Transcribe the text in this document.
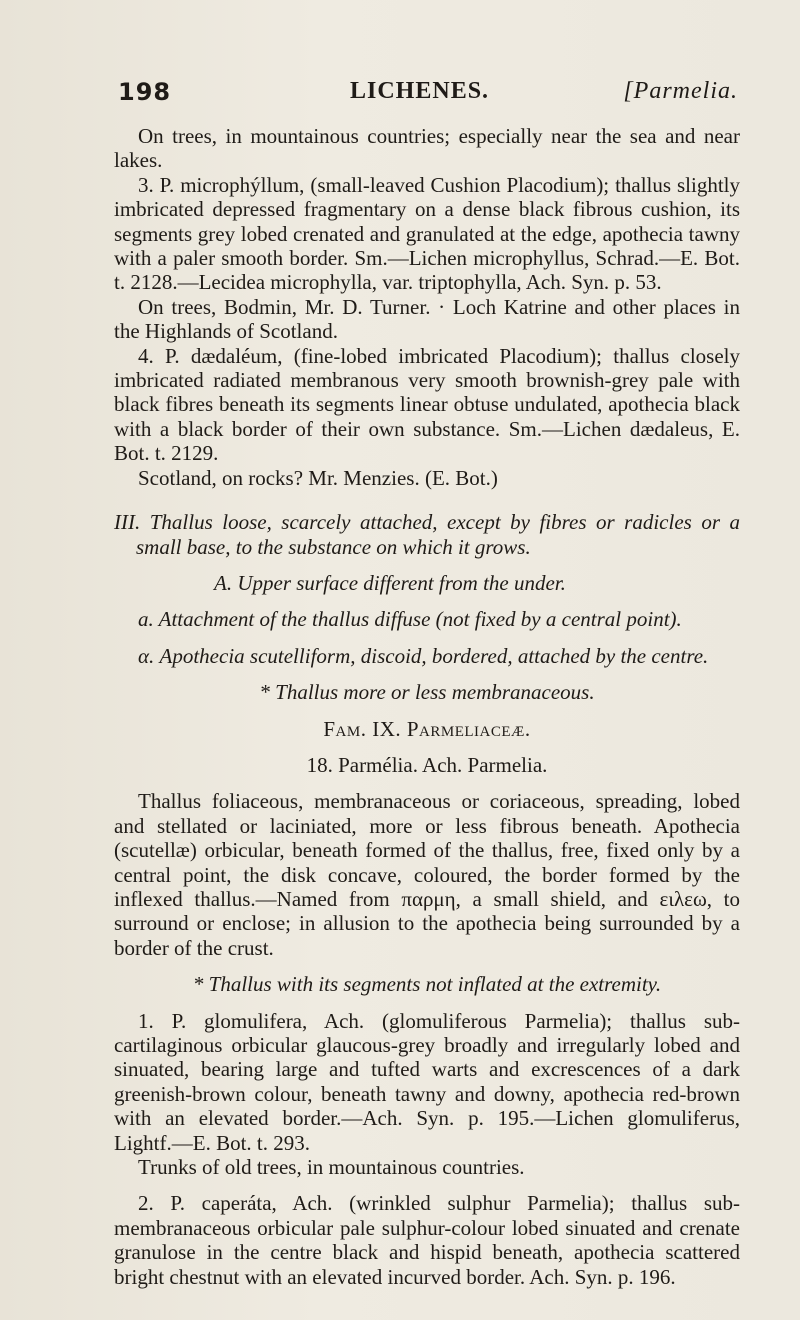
198	LICHENES.	[Parmelia.

On trees, in mountainous countries; especially near the sea and near lakes.

3. P. microphýllum, (small-leaved Cushion Placodium); thallus slightly imbricated depressed fragmentary on a dense black fibrous cushion, its segments grey lobed crenated and granulated at the edge, apothecia tawny with a paler smooth border. Sm.—Lichen microphyllus, Schrad.—E. Bot. t. 2128.—Lecidea microphylla, var. triptophylla, Ach. Syn. p. 53.

On trees, Bodmin, Mr. D. Turner. · Loch Katrine and other places in the Highlands of Scotland.

4. P. dædaléum, (fine-lobed imbricated Placodium); thallus closely imbricated radiated membranous very smooth brownish-grey pale with black fibres beneath its segments linear obtuse undulated, apothecia black with a black border of their own substance. Sm.—Lichen dædaleus, E. Bot. t. 2129.

Scotland, on rocks? Mr. Menzies. (E. Bot.)

III. Thallus loose, scarcely attached, except by fibres or radicles or a small base, to the substance on which it grows.

A. Upper surface different from the under.

a. Attachment of the thallus diffuse (not fixed by a central point).

α. Apothecia scutelliform, discoid, bordered, attached by the centre.

* Thallus more or less membranaceous.

Fam. IX. Parmeliaceæ.

18. Parmélia. Ach. Parmelia.

Thallus foliaceous, membranaceous or coriaceous, spreading, lobed and stellated or laciniated, more or less fibrous beneath. Apothecia (scutellæ) orbicular, beneath formed of the thallus, free, fixed only by a central point, the disk concave, coloured, the border formed by the inflexed thallus.—Named from παρμη, a small shield, and ειλεω, to surround or enclose; in allusion to the apothecia being surrounded by a border of the crust.

* Thallus with its segments not inflated at the extremity.

1. P. glomulifera, Ach. (glomuliferous Parmelia); thallus sub-cartilaginous orbicular glaucous-grey broadly and irregularly lobed and sinuated, bearing large and tufted warts and excrescences of a dark greenish-brown colour, beneath tawny and downy, apothecia red-brown with an elevated border.—Ach. Syn. p. 195.—Lichen glomuliferus, Lightf.—E. Bot. t. 293.

Trunks of old trees, in mountainous countries.

2. P. caperáta, Ach. (wrinkled sulphur Parmelia); thallus sub-membranaceous orbicular pale sulphur-colour lobed sinuated and crenate granulose in the centre black and hispid beneath, apothecia scattered bright chestnut with an elevated incurved border. Ach. Syn. p. 196.
